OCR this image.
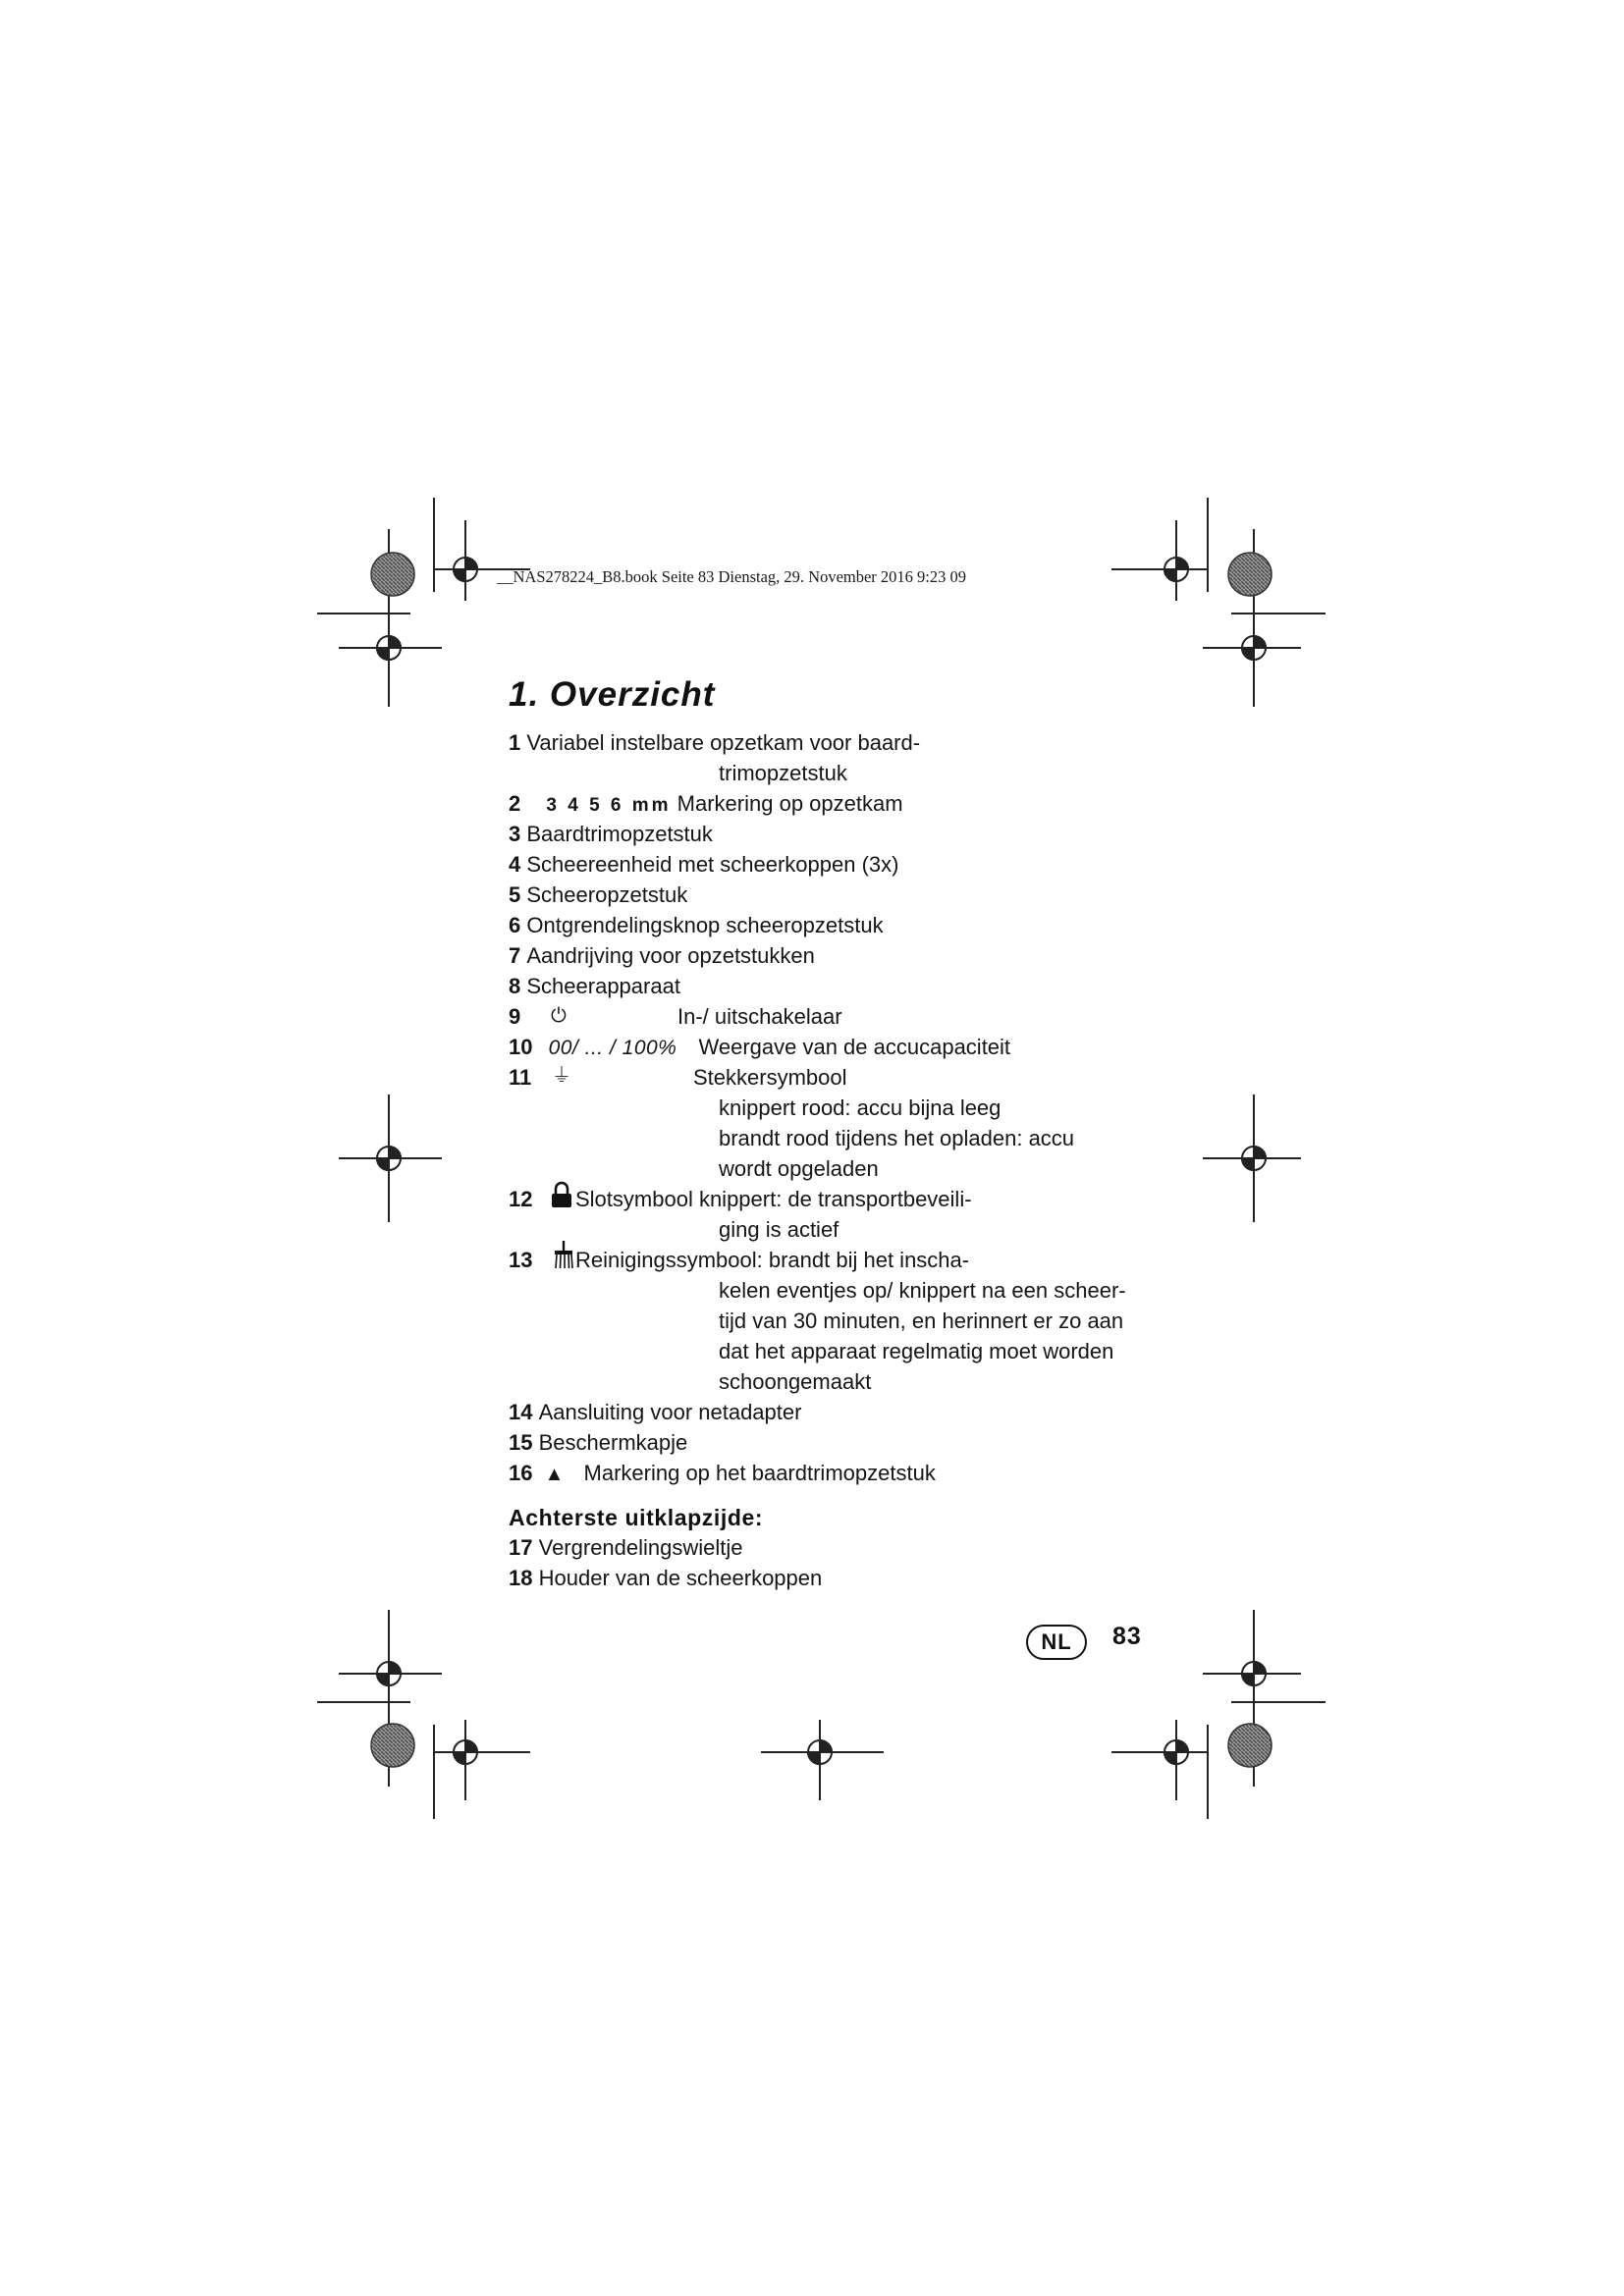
__NAS278224_B8.book Seite 83 Dienstag, 29. November 2016 9:23 09
1. Overzicht
1 Variabel instelbare opzetkam voor baard-
trimopzetstuk
2 3 4 5 6 mm Markering op opzetkam
3 Baardtrimopzetstuk
4 Scheereenheid met scheerkoppen (3x)
5 Scheeropzetstuk
6 Ontgrendelingsknop scheeropzetstuk
7 Aandrijving voor opzetstukken
8 Scheerapparaat
9 ⏻	In-/ uitschakelaar
10 00/ ... / 100% Weergave van de accucapaciteit
11 ⏚	Stekkersymbool
knippert rood: accu bijna leeg
brandt rood tijdens het opladen: accu
wordt opgeladen
12 Slotsymbool knippert: de transportbeveili-
ging is actief
13 Reinigingssymbool: brandt bij het inscha-
kelen eventjes op/ knippert na een scheer-
tijd van 30 minuten, en herinnert er zo aan
dat het apparaat regelmatig moet worden
schoongemaakt
14 Aansluiting voor netadapter
15 Beschermkapje
16 ▲ Markering op het baardtrimopzetstuk
Achterste uitklapzijde:
17 Vergrendelingswieltje
18 Houder van de scheerkoppen
NL	83
